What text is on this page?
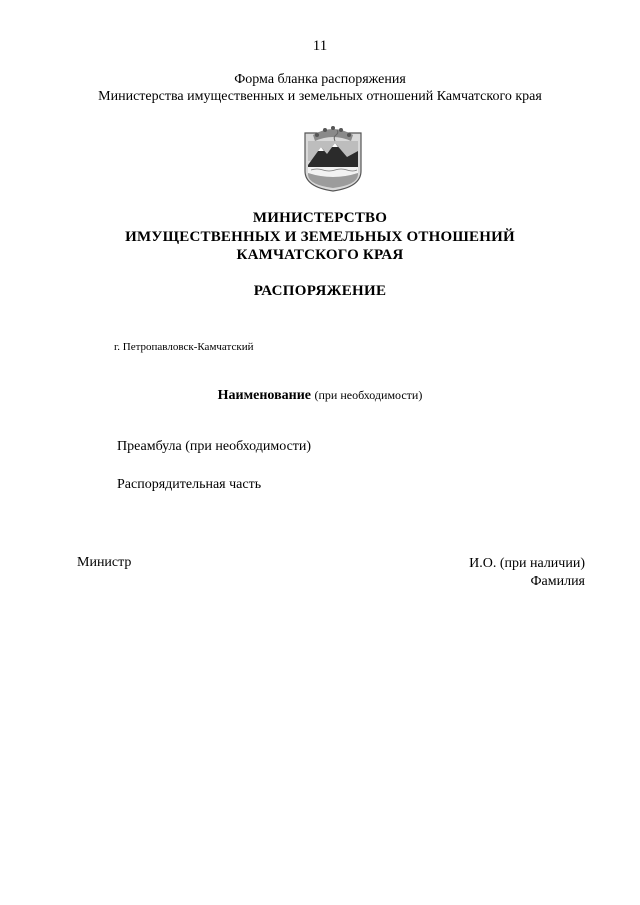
11
Форма бланка распоряжения
Министерства имущественных и земельных отношений Камчатского края
МИНИСТЕРСТВО
ИМУЩЕСТВЕННЫХ И ЗЕМЕЛЬНЫХ ОТНОШЕНИЙ
КАМЧАТСКОГО КРАЯ
РАСПОРЯЖЕНИЕ
г. Петропавловск-Камчатский
Наименование (при необходимости)
Преамбула (при необходимости)
Распорядительная часть
Министр	И.О. (при наличии)
Фамилия
